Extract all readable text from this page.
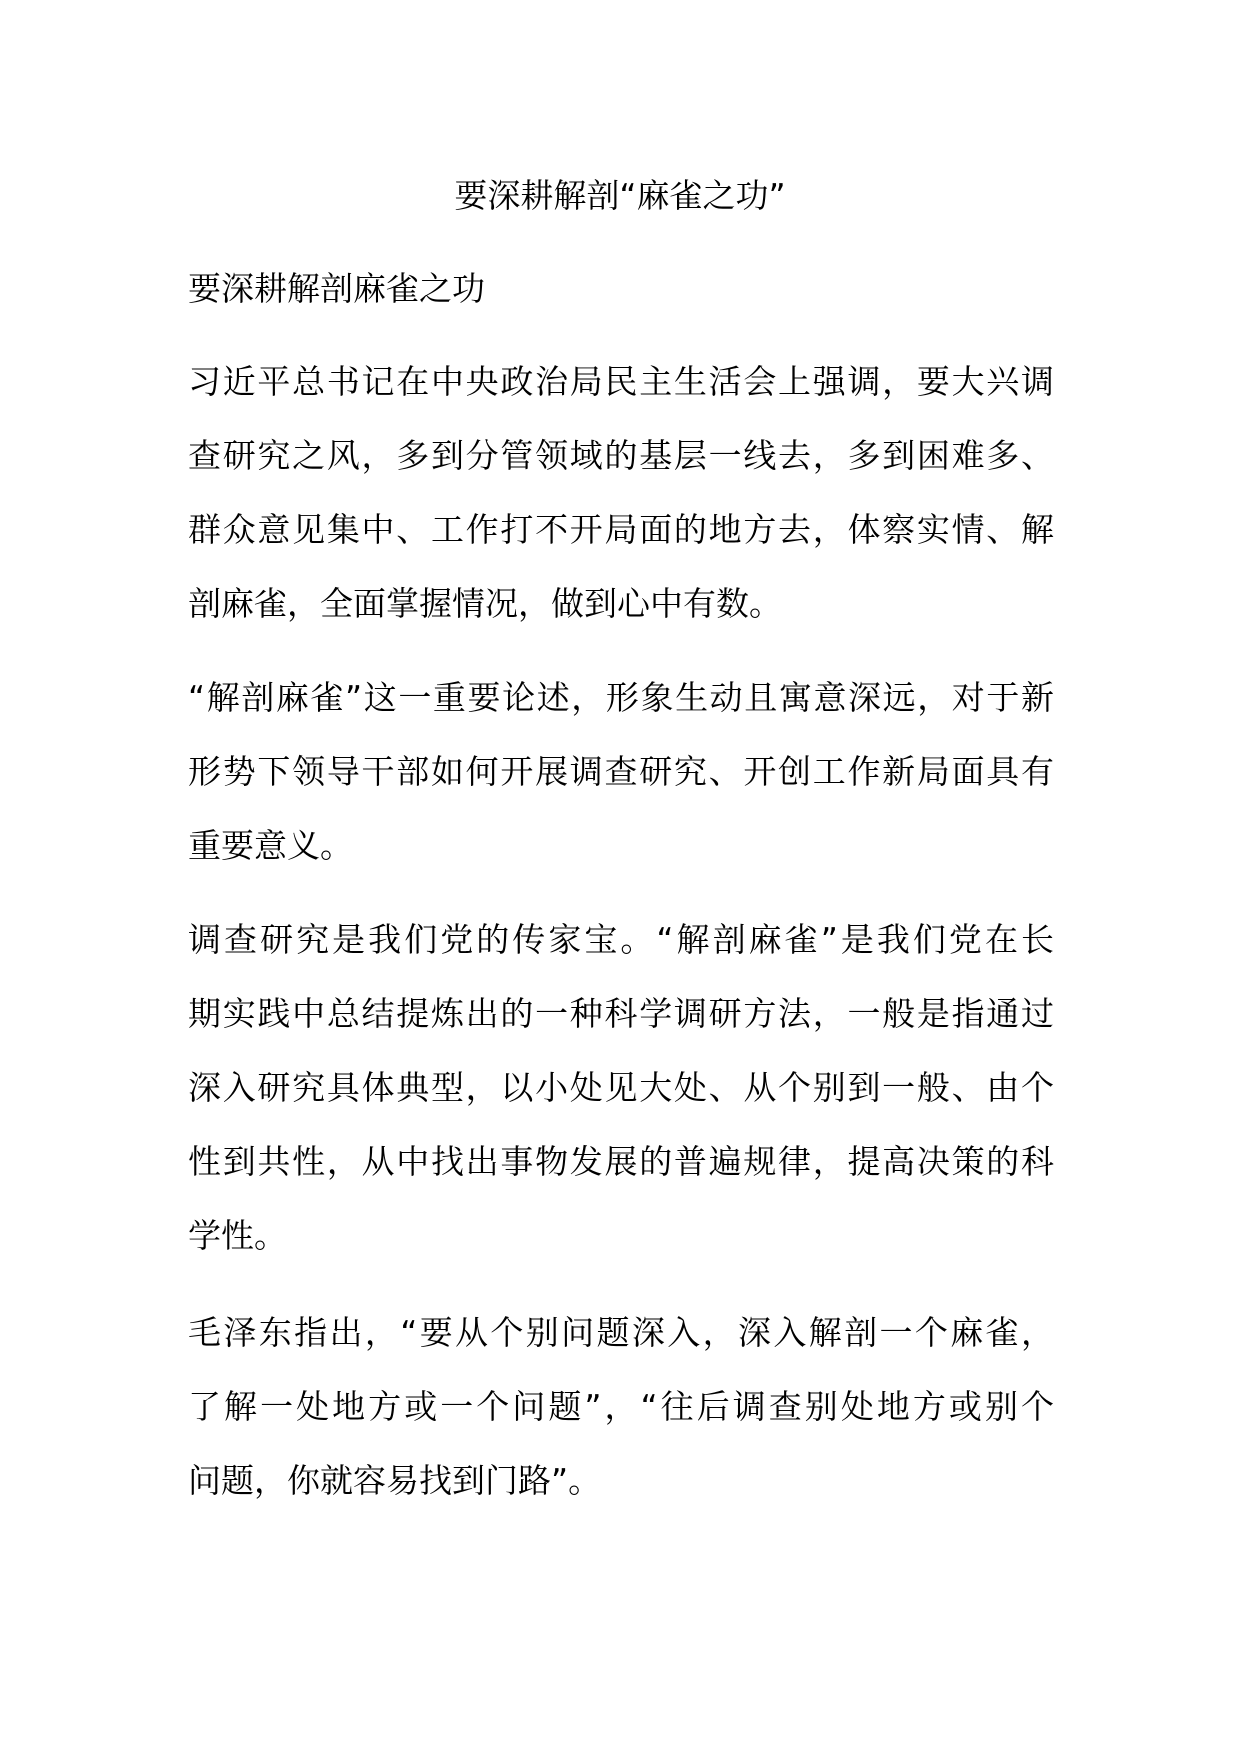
要深耕解剖“麻雀之功”

要深耕解剖麻雀之功

习近平总书记在中央政治局民主生活会上强调，要大兴调
查研究之风，多到分管领域的基层一线去，多到困难多、
群众意见集中、工作打不开局面的地方去，体察实情、解
剖麻雀，全面掌握情况，做到心中有数。
“解剖麻雀”这一重要论述，形象生动且寓意深远，对于新
形势下领导干部如何开展调查研究、开创工作新局面具有
重要意义。
调查研究是我们党的传家宝。“解剖麻雀”是我们党在长
期实践中总结提炼出的一种科学调研方法，一般是指通过
深入研究具体典型，以小处见大处、从个别到一般、由个
性到共性，从中找出事物发展的普遍规律，提高决策的科
学性。
毛泽东指出，“要从个别问题深入，深入解剖一个麻雀，
了解一处地方或一个问题”，“往后调查别处地方或别个
问题，你就容易找到门路”。
